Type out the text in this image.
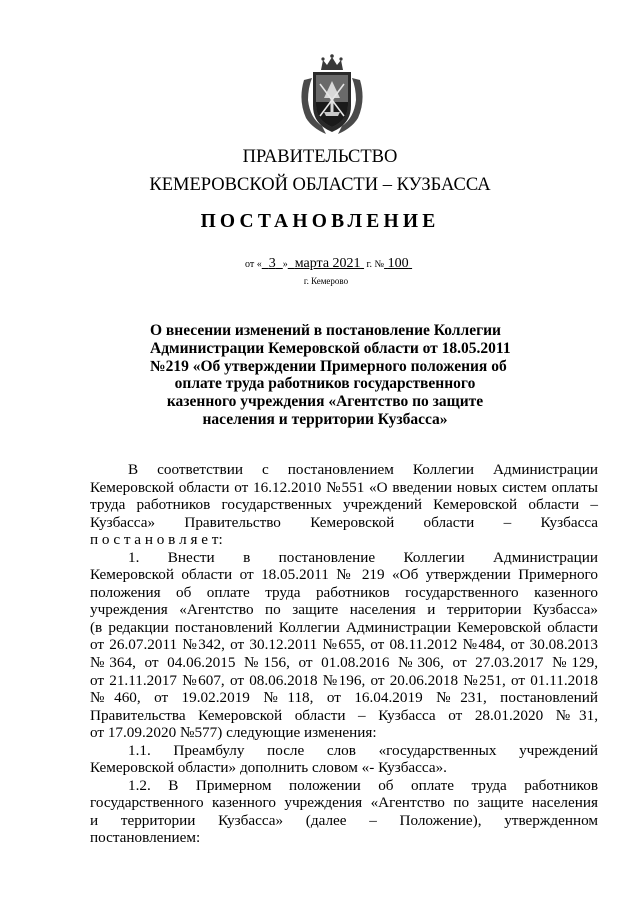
ПРАВИТЕЛЬСТВО
КЕМЕРОВСКОЙ ОБЛАСТИ – КУЗБАССА
ПОСТАНОВЛЕНИЕ
от « 3 » марта 2021 г. № 100
г. Кемерово
О внесении изменений в постановление Коллегии
Администрации Кемеровской области от 18.05.2011
№219 «Об утверждении Примерного положения об
оплате труда работников государственного
казенного учреждения «Агентство по защите
населения и территории Кузбасса»
В соответствии с постановлением Коллегии Администрации
Кемеровской области от 16.12.2010 №551 «О введении новых систем оплаты
труда работников государственных учреждений Кемеровской области –
Кузбасса» Правительство Кемеровской области – Кузбасса
п о с т а н о в л я е т:
1. Внести в постановление Коллегии Администрации
Кемеровской области от 18.05.2011 № 219 «Об утверждении Примерного
положения об оплате труда работников государственного казенного
учреждения «Агентство по защите населения и территории Кузбасса»
(в редакции постановлений Коллегии Администрации Кемеровской области
от 26.07.2011 №342, от 30.12.2011 №655, от 08.11.2012 №484, от 30.08.2013
№364, от 04.06.2015 №156, от 01.08.2016 №306, от 27.03.2017 №129,
от 21.11.2017 №607, от 08.06.2018 №196, от 20.06.2018 №251, от 01.11.2018
№460, от 19.02.2019 №118, от 16.04.2019 №231, постановлений
Правительства Кемеровской области – Кузбасса от 28.01.2020 №31,
от 17.09.2020 №577) следующие изменения:
1.1. Преамбулу после слов «государственных учреждений
Кемеровской области» дополнить словом «- Кузбасса».
1.2. В Примерном положении об оплате труда работников
государственного казенного учреждения «Агентство по защите населения
и территории Кузбасса» (далее – Положение), утвержденном
постановлением:
